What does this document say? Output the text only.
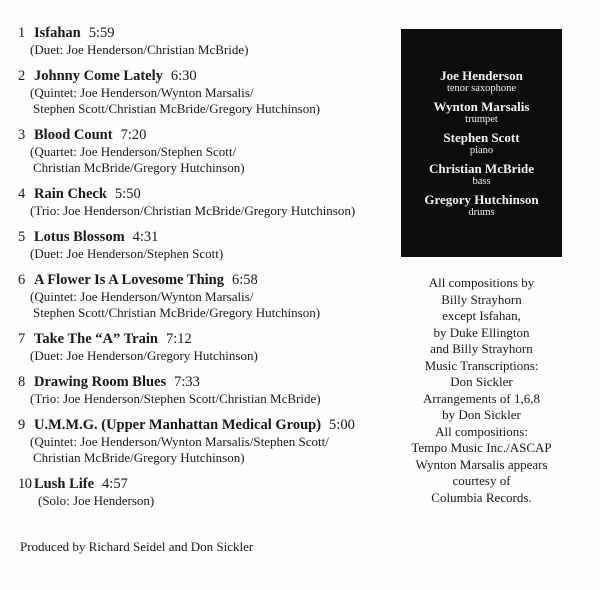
1 Isfahan 5:59
(Duet: Joe Henderson/Christian McBride)
2 Johnny Come Lately 6:30
(Quintet: Joe Henderson/Wynton Marsalis/
Stephen Scott/Christian McBride/Gregory Hutchinson)
3 Blood Count 7:20
(Quartet: Joe Henderson/Stephen Scott/
Christian McBride/Gregory Hutchinson)
4 Rain Check 5:50
(Trio: Joe Henderson/Christian McBride/Gregory Hutchinson)
5 Lotus Blossom 4:31
(Duet: Joe Henderson/Stephen Scott)
6 A Flower Is A Lovesome Thing 6:58
(Quintet: Joe Henderson/Wynton Marsalis/
Stephen Scott/Christian McBride/Gregory Hutchinson)
7 Take The “A” Train 7:12
(Duet: Joe Henderson/Gregory Hutchinson)
8 Drawing Room Blues 7:33
(Trio: Joe Henderson/Stephen Scott/Christian McBride)
9 U.M.M.G. (Upper Manhattan Medical Group) 5:00
(Quintet: Joe Henderson/Wynton Marsalis/Stephen Scott/
Christian McBride/Gregory Hutchinson)
10 Lush Life 4:57
(Solo: Joe Henderson)
Produced by Richard Seidel and Don Sickler
Joe Henderson
tenor saxophone
Wynton Marsalis
trumpet
Stephen Scott
piano
Christian McBride
bass
Gregory Hutchinson
drums
All compositions by
Billy Strayhorn
except Isfahan,
by Duke Ellington
and Billy Strayhorn
Music Transcriptions:
Don Sickler
Arrangements of 1,6,8
by Don Sickler
All compositions:
Tempo Music Inc./ASCAP
Wynton Marsalis appears
courtesy of
Columbia Records.
